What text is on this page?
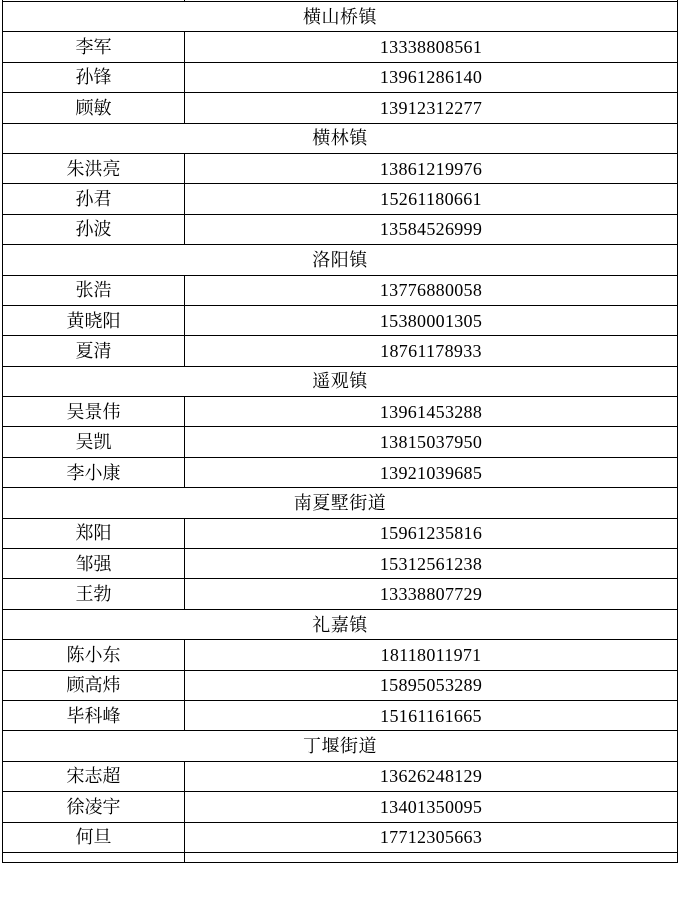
横山桥镇	
李军	13338808561
孙锋	13961286140
顾敏	13912312277
横林镇	
朱洪亮	13861219976
孙君	15261180661
孙波	13584526999
洛阳镇	
张浩	13776880058
黄晓阳	15380001305
夏清	18761178933
遥观镇	
吴景伟	13961453288
吴凯	13815037950
李小康	13921039685
南夏墅街道	
郑阳	15961235816
邹强	15312561238
王勃	13338807729
礼嘉镇	
陈小东	18118011971
顾高炜	15895053289
毕科峰	15161161665
丁堰街道	
宋志超	13626248129
徐凌宇	13401350095
何旦	17712305663
